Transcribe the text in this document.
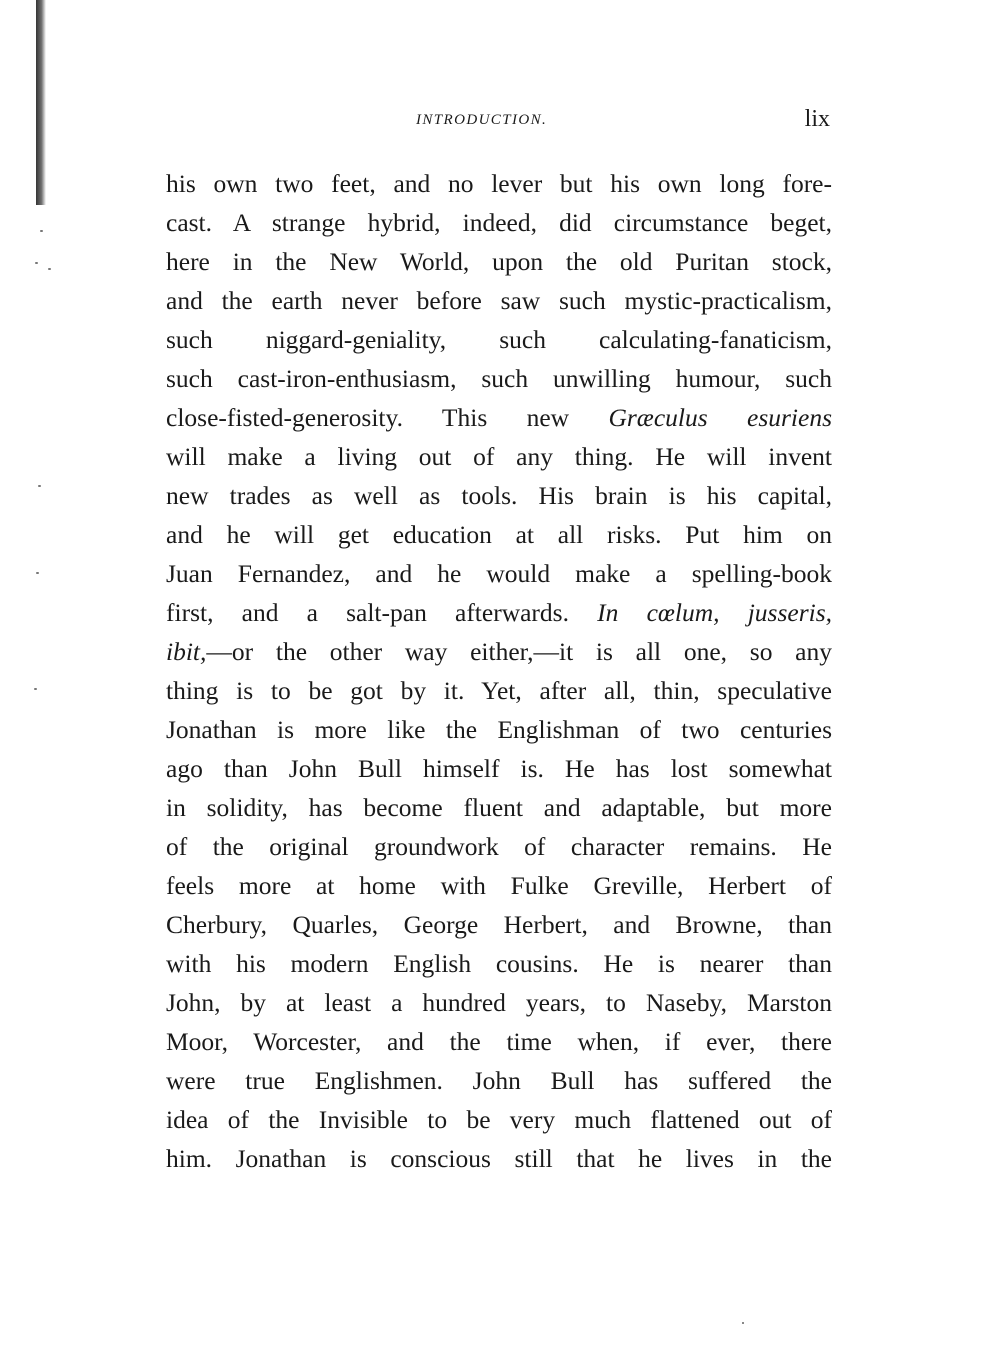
INTRODUCTION.	lix
his own two feet, and no lever but his own long fore-
cast. A strange hybrid, indeed, did circumstance beget,
here in the New World, upon the old Puritan stock,
and the earth never before saw such mystic-practicalism,
such niggard-geniality, such calculating-fanaticism,
such cast-iron-enthusiasm, such unwilling humour, such
close-fisted-generosity. This new Græculus esuriens
will make a living out of any thing. He will invent
new trades as well as tools. His brain is his capital,
and he will get education at all risks. Put him on
Juan Fernandez, and he would make a spelling-book
first, and a salt-pan afterwards. In cœlum, jusseris,
ibit,—or the other way either,—it is all one, so any
thing is to be got by it. Yet, after all, thin, speculative
Jonathan is more like the Englishman of two centuries
ago than John Bull himself is. He has lost somewhat
in solidity, has become fluent and adaptable, but more
of the original groundwork of character remains. He
feels more at home with Fulke Greville, Herbert of
Cherbury, Quarles, George Herbert, and Browne, than
with his modern English cousins. He is nearer than
John, by at least a hundred years, to Naseby, Marston
Moor, Worcester, and the time when, if ever, there
were true Englishmen. John Bull has suffered the
idea of the Invisible to be very much flattened out of
him. Jonathan is conscious still that he lives in the
